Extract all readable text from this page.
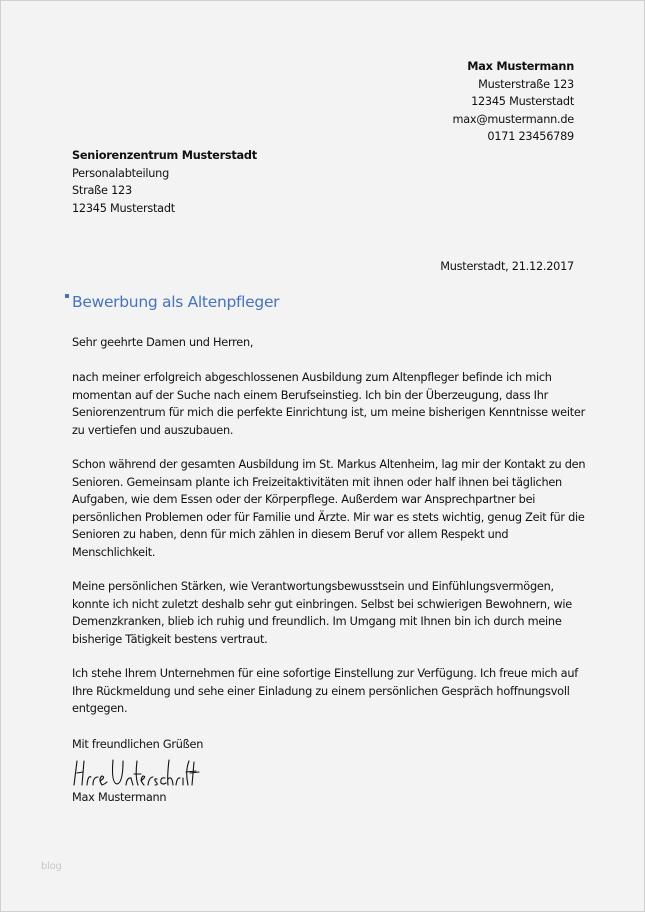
Max Mustermann
Musterstraße 123
12345 Musterstadt
max@mustermann.de
0171 23456789
Seniorenzentrum Musterstadt
Personalabteilung
Straße 123
12345 Musterstadt
Musterstadt, 21.12.2017
Bewerbung als Altenpfleger
Sehr geehrte Damen und Herren,
nach meiner erfolgreich abgeschlossenen Ausbildung zum Altenpfleger befinde ich mich
momentan auf der Suche nach einem Berufseinstieg. Ich bin der Überzeugung, dass Ihr
Seniorenzentrum für mich die perfekte Einrichtung ist, um meine bisherigen Kenntnisse weiter
zu vertiefen und auszubauen.
Schon während der gesamten Ausbildung im St. Markus Altenheim, lag mir der Kontakt zu den
Senioren. Gemeinsam plante ich Freizeitaktivitäten mit ihnen oder half ihnen bei täglichen
Aufgaben, wie dem Essen oder der Körperpflege. Außerdem war Ansprechpartner bei
persönlichen Problemen oder für Familie und Ärzte. Mir war es stets wichtig, genug Zeit für die
Senioren zu haben, denn für mich zählen in diesem Beruf vor allem Respekt und
Menschlichkeit.
Meine persönlichen Stärken, wie Verantwortungsbewusstsein und Einfühlungsvermögen,
konnte ich nicht zuletzt deshalb sehr gut einbringen. Selbst bei schwierigen Bewohnern, wie
Demenzkranken, blieb ich ruhig und freundlich. Im Umgang mit Ihnen bin ich durch meine
bisherige Tätigkeit bestens vertraut.
Ich stehe Ihrem Unternehmen für eine sofortige Einstellung zur Verfügung. Ich freue mich auf
Ihre Rückmeldung und sehe einer Einladung zu einem persönlichen Gespräch hoffnungsvoll
entgegen.
Mit freundlichen Grüßen
Max Mustermann
blog
